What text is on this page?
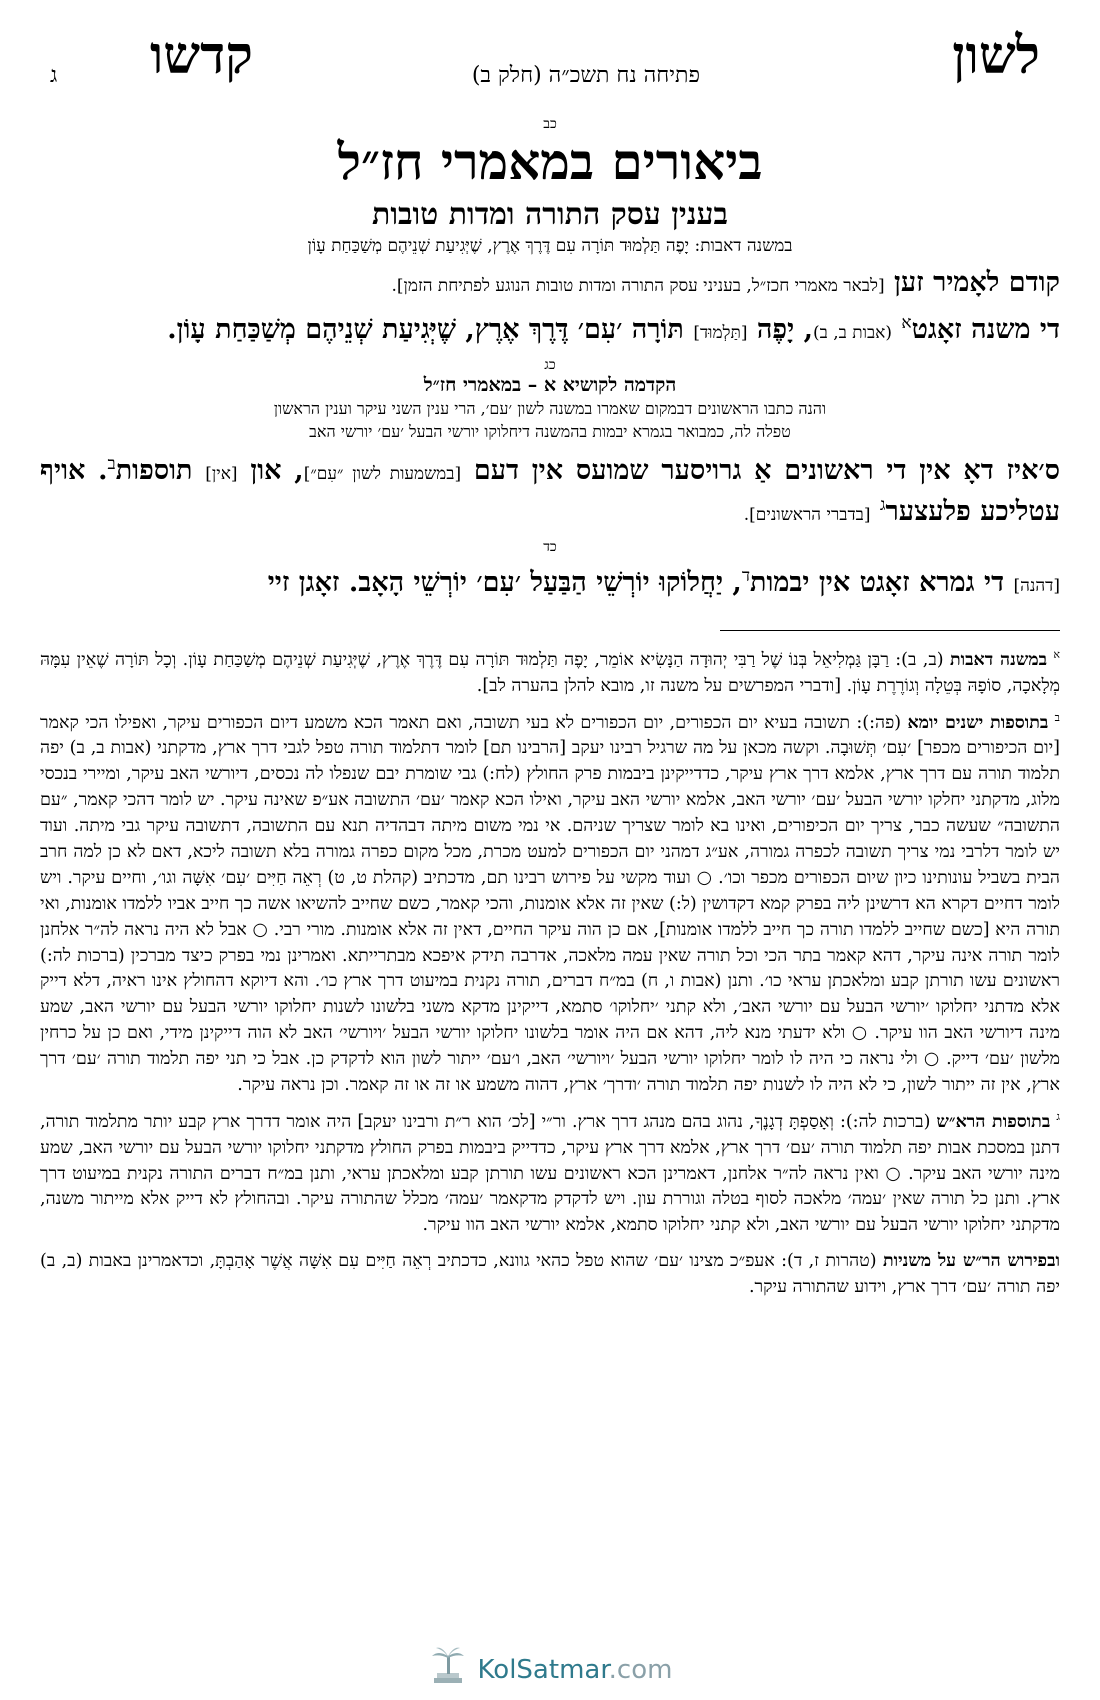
לשון
פתיחה נח תשכ״ה (חלק ב)
קדשו
ג
כב
ביאורים במאמרי חז״ל
בענין עסק התורה ומדות טובות
במשנה דאבות: יָפֶה תַּלְמוּד תּוֹרָה עִם דֶּרֶךְ אֶרֶץ, שֶׁיְּגִיעַת שְׁנֵיהֶם מְשַׁכַּחַת עָוֹן
קודם לאָמיר זען [לבאר מאמרי חכז״ל, בעניני עסק התורה ומדות טובות הנוגע לפתיחת הזמן].
די משנה זאָגט$^א$ (אבות ב, ב), יָפֶה [תַּלְמוּד] תּוֹרָה ׳עִם׳ דֶּרֶךְ אֶרֶץ, שֶׁיְּגִיעַת שְׁנֵיהֶם מְשַׁכַּחַת עָוֹן.
כג
הקדמה לקושיא א – במאמרי חז״ל
והנה כתבו הראשונים דבמקום שאמרו במשנה לשון ׳עם׳, הרי ענין השני עיקר וענין הראשון
טפלה לה, כמבואר בגמרא יבמות בהמשנה דיחלוקו יורשי הבעל ׳עם׳ יורשי האב
ס׳איז דאָ אין די ראשונים אַ גרויסער שמועס אין דעם [במשמעות לשון ״עִם״], און [אין] תוספות$^ב$. אויף עטליכע פלעצער$^ג$ [בדברי הראשונים].
כד
[דהנה] די גמרא זאָגט אין יבמות$^ד$, יַחֲלוֹקוּ יוֹרְשֵׁי הַבַּעַל ׳עִם׳ יוֹרְשֵׁי הָאָב. זאָגן זיי

$^א$ במשנה דאבות (ב, ב): רַבָּן גַּמְלִיאֵל בְּנוֹ שֶׁל רַבִּי יְהוּדָה הַנָּשִׂיא אוֹמֵר, יָפֶה תַּלְמוּד תּוֹרָה עִם דֶּרֶךְ אֶרֶץ, שֶׁיְּגִיעַת שְׁנֵיהֶם מְשַׁכַּחַת עָוֹן. וְכָל תּוֹרָה שֶׁאֵין עִמָּהּ מְלָאכָה, סוֹפָהּ בְּטֵלָה וְגוֹרֶרֶת עָוֹן. [ודברי המפרשים על משנה זו, מובא להלן בהערה לב].

$^ב$ בתוספות ישנים יומא (פה:): תשובה בעיא יום הכפורים, יום הכפורים לא בעי תשובה, ואם תאמר הכא משמע דיום הכפורים עיקר, ואפילו הכי קאמר [יום הכיפורים מכפר] ׳עִם׳ תְּשׁוּבָה. וקשה מכאן על מה שרגיל רבינו יעקב [הרבינו תם] לומר דתלמוד תורה טפל לגבי דרך ארץ, מדקתני (אבות ב, ב) יפה תלמוד תורה עם דרך ארץ, אלמא דרך ארץ עיקר, כדדייקינן ביבמות פרק החולץ (לח:) גבי שומרת יבם שנפלו לה נכסים, דיורשי האב עיקר, ומיירי בנכסי מלוג, מדקתני יחלקו יורשי הבעל ׳עם׳ יורשי האב, אלמא יורשי האב עיקר, ואילו הכא קאמר ׳עם׳ התשובה אע״פ שאינה עיקר. יש לומר דהכי קאמר, ״עם התשובה״ שעשה כבר, צריך יום הכיפורים, ואינו בא לומר שצריך שניהם. אי נמי משום מיתה דבהדיה תנא עם התשובה, דתשובה עיקר גבי מיתה. ועוד יש לומר דלרבי נמי צריך תשובה לכפרה גמורה, אע״ג דמהני יום הכפורים למעט מכרת, מכל מקום כפרה גמורה בלא תשובה ליכא, דאם לא כן למה חרב הבית בשביל עונותינו כיון שיום הכפורים מכפר וכו׳. ○ ועוד מקשי על פירוש רבינו תם, מדכתיב (קהלת ט, ט) רְאֵה חַיִּים ׳עִם׳ אִשָּׁה וגו׳, וחיים עיקר. ויש לומר דחיים דקרא הא דרשינן ליה בפרק קמא דקדושין (ל:) שאין זה אלא אומנות, והכי קאמר, כשם שחייב להשיאו אשה כך חייב אביו ללמדו אומנות, ואי תורה היא [כשם שחייב ללמדו תורה כך חייב ללמדו אומנות], אם כן הוה עיקר החיים, דאין זה אלא אומנות. מורי רבי. ○ אבל לא היה נראה לה״ר אלחנן לומר תורה אינה עיקר, דהא קאמר בתר הכי וכל תורה שאין עמה מלאכה, אדרבה תידק איפכא מבתרייתא. ואמרינן נמי בפרק כיצד מברכין (ברכות לה:) ראשונים עשו תורתן קבע ומלאכתן עראי כו׳. ותנן (אבות ו, ח) במ״ח דברים, תורה נקנית במיעוט דרך ארץ כו׳. והא דיוקא דהחולץ אינו ראיה, דלא דייק אלא מדתני יחלוקו ׳יורשי הבעל עם יורשי האב׳, ולא קתני ׳יחלוקו׳ סתמא, דייקינן מדקא משני בלשונו לשנות יחלוקו יורשי הבעל עם יורשי האב, שמע מינה דיורשי האב הוו עיקר. ○ ולא ידעתי מנא ליה, דהא אם היה אומר בלשונו יחלוקו יורשי הבעל ׳ויורשי׳ האב לא הוה דייקינן מידי, ואם כן על כרחין מלשון ׳עם׳ דייק. ○ ולי נראה כי היה לו לומר יחלוקו יורשי הבעל ׳ויורשי׳ האב, ו׳עם׳ ייתור לשון הוא לדקדק כן. אבל כי תני יפה תלמוד תורה ׳עם׳ דרך ארץ, אין זה ייתור לשון, כי לא היה לו לשנות יפה תלמוד תורה ׳ודרך׳ ארץ, דהוה משמע או זה או זה קאמר. וכן נראה עיקר.

$^ג$ בתוספות הרא״ש (ברכות לה:): וְאָסַפְתָּ דְגָנֶךָ, נהוג בהם מנהג דרך ארץ. ור״י [לכ׳ הוא ר״ת ורבינו יעקב] היה אומר דדרך ארץ קבע יותר מתלמוד תורה, דתנן במסכת אבות יפה תלמוד תורה ׳עם׳ דרך ארץ, אלמא דרך ארץ עיקר, כדדייק ביבמות בפרק החולץ מדקתני יחלוקו יורשי הבעל עם יורשי האב, שמע מינה יורשי האב עיקר. ○ ואין נראה לה״ר אלחנן, דאמרינן הכא ראשונים עשו תורתן קבע ומלאכתן עראי, ותנן במ״ח דברים התורה נקנית במיעוט דרך ארץ. ותנן כל תורה שאין ׳עמה׳ מלאכה לסוף בטלה וגוררת עון. ויש לדקדק מדקאמר ׳עמה׳ מכלל שהתורה עיקר. ובהחולץ לא דייק אלא מייתור משנה, מדקתני יחלוקו יורשי הבעל עם יורשי האב, ולא קתני יחלוקו סתמא, אלמא יורשי האב הוו עיקר.

ובפירוש הר״ש על משניות (טהרות ז, ד): אעפ״כ מצינו ׳עם׳ שהוא טפל כהאי גוונא, כדכתיב רְאֵה חַיִּים עִם אִשָּׁה אֲשֶׁר אָהַבְתָּ, וכדאמרינן באבות (ב, ב) יפה תורה ׳עם׳ דרך ארץ, וידוע שהתורה עיקר.

KolSatmar.com
